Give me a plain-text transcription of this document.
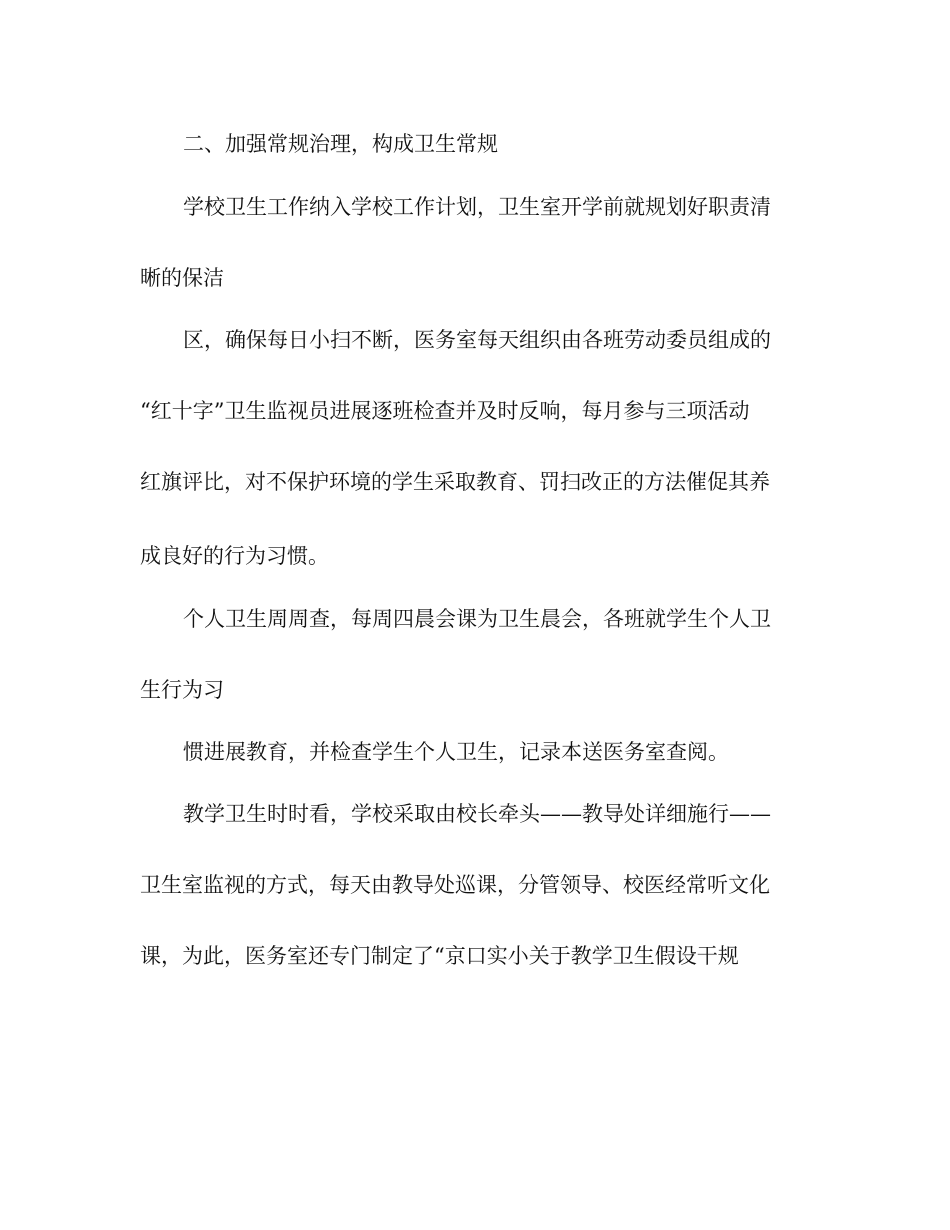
二、加强常规治理，构成卫生常规

学校卫生工作纳入学校工作计划，卫生室开学前就规划好职责清

晰的保洁

区，确保每日小扫不断，医务室每天组织由各班劳动委员组成的

“红十字”卫生监视员进展逐班检查并及时反响，每月参与三项活动

红旗评比，对不保护环境的学生采取教育、罚扫改正的方法催促其养

成良好的行为习惯。

个人卫生周周查，每周四晨会课为卫生晨会，各班就学生个人卫

生行为习

惯进展教育，并检查学生个人卫生，记录本送医务室查阅。

教学卫生时时看，学校采取由校长牵头——教导处详细施行——

卫生室监视的方式，每天由教导处巡课，分管领导、校医经常听文化

课，为此，医务室还专门制定了“京口实小关于教学卫生假设干规
